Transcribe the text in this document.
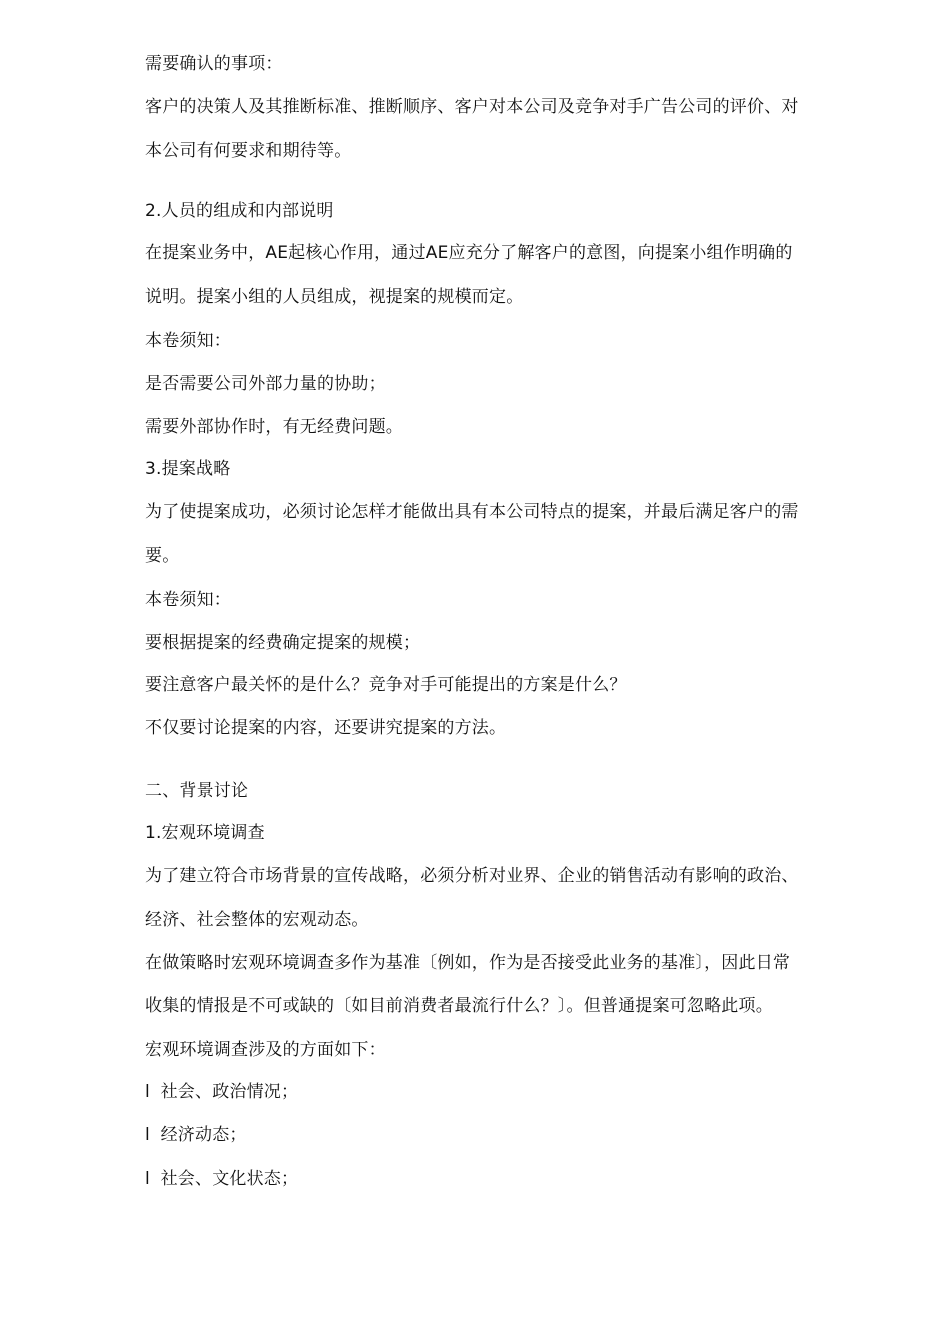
需要确认的事项：
客户的决策人及其推断标准、推断顺序、客户对本公司及竞争对手广告公司的评价、对
本公司有何要求和期待等。
2.人员的组成和内部说明
在提案业务中，AE起核心作用，通过AE应充分了解客户的意图，向提案小组作明确的
说明。提案小组的人员组成，视提案的规模而定。
本卷须知：
是否需要公司外部力量的协助；
需要外部协作时，有无经费问题。
3.提案战略
为了使提案成功，必须讨论怎样才能做出具有本公司特点的提案，并最后满足客户的需
要。
本卷须知：
要根据提案的经费确定提案的规模；
要注意客户最关怀的是什么？竞争对手可能提出的方案是什么？
不仅要讨论提案的内容，还要讲究提案的方法。
二、背景讨论
1.宏观环境调查
为了建立符合市场背景的宣传战略，必须分析对业界、企业的销售活动有影响的政治、
经济、社会整体的宏观动态。
在做策略时宏观环境调查多作为基准〔例如，作为是否接受此业务的基准〕，因此日常
收集的情报是不可或缺的〔如目前消费者最流行什么？〕。但普通提案可忽略此项。
宏观环境调查涉及的方面如下：
l 社会、政治情况；
l 经济动态；
l 社会、文化状态；
